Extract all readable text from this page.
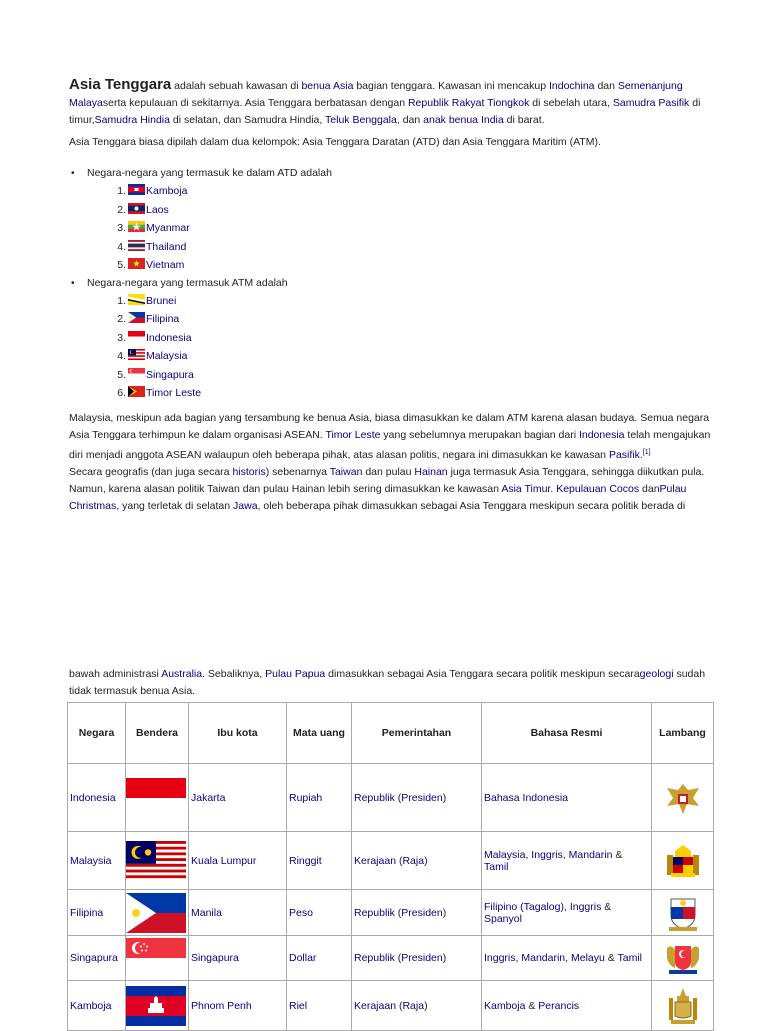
Asia Tenggara adalah sebuah kawasan di benua Asia bagian tenggara. Kawasan ini mencakup Indochina dan Semenanjung Malayaserta kepulauan di sekitarnya. Asia Tenggara berbatasan dengan Republik Rakyat Tiongkok di sebelah utara, Samudra Pasifik di timur,Samudra Hindia di selatan, dan Samudra Hindia, Teluk Benggala, dan anak benua India di barat.
Asia Tenggara biasa dipilah dalam dua kelompok: Asia Tenggara Daratan (ATD) dan Asia Tenggara Maritim (ATM).
• Negara-negara yang termasuk ke dalam ATD adalah
1. Kamboja
2. Laos
3. Myanmar
4. Thailand
5. Vietnam
• Negara-negara yang termasuk ATM adalah
1. Brunei
2. Filipina
3. Indonesia
4. Malaysia
5. Singapura
6. Timor Leste
Malaysia, meskipun ada bagian yang tersambung ke benua Asia, biasa dimasukkan ke dalam ATM karena alasan budaya. Semua negara Asia Tenggara terhimpun ke dalam organisasi ASEAN. Timor Leste yang sebelumnya merupakan bagian dari Indonesia telah mengajukan diri menjadi anggota ASEAN walaupun oleh beberapa pihak, atas alasan politis, negara ini dimasukkan ke kawasan Pasifik.[1]
Secara geografis (dan juga secara historis) sebenarnya Taiwan dan pulau Hainan juga termasuk Asia Tenggara, sehingga diikutkan pula. Namun, karena alasan politik Taiwan dan pulau Hainan lebih sering dimasukkan ke kawasan Asia Timur. Kepulauan Cocos danPulau Christmas, yang terletak di selatan Jawa, oleh beberapa pihak dimasukkan sebagai Asia Tenggara meskipun secara politik berada di
bawah administrasi Australia. Sebaliknya, Pulau Papua dimasukkan sebagai Asia Tenggara secara politik meskipun secarageologi sudah tidak termasuk benua Asia.
Negara	Bendera	Ibu kota	Mata uang	Pemerintahan	Bahasa Resmi	Lambang
Indonesia		Jakarta	Rupiah	Republik (Presiden)	Bahasa Indonesia	

Malaysia		Kuala Lumpur	Ringgit	Kerajaan (Raja)	Malaysia, Inggris, Mandarin & Tamil	

Filipina		Manila	Peso	Republik (Presiden)	Filipino (Tagalog), Inggris & Spanyol	

Singapura		Singapura	Dollar	Republik (Presiden)	Inggris, Mandarin, Melayu & Tamil	

Kamboja		Phnom Penh	Riel	Kerajaan (Raja)	Kamboja & Perancis	
